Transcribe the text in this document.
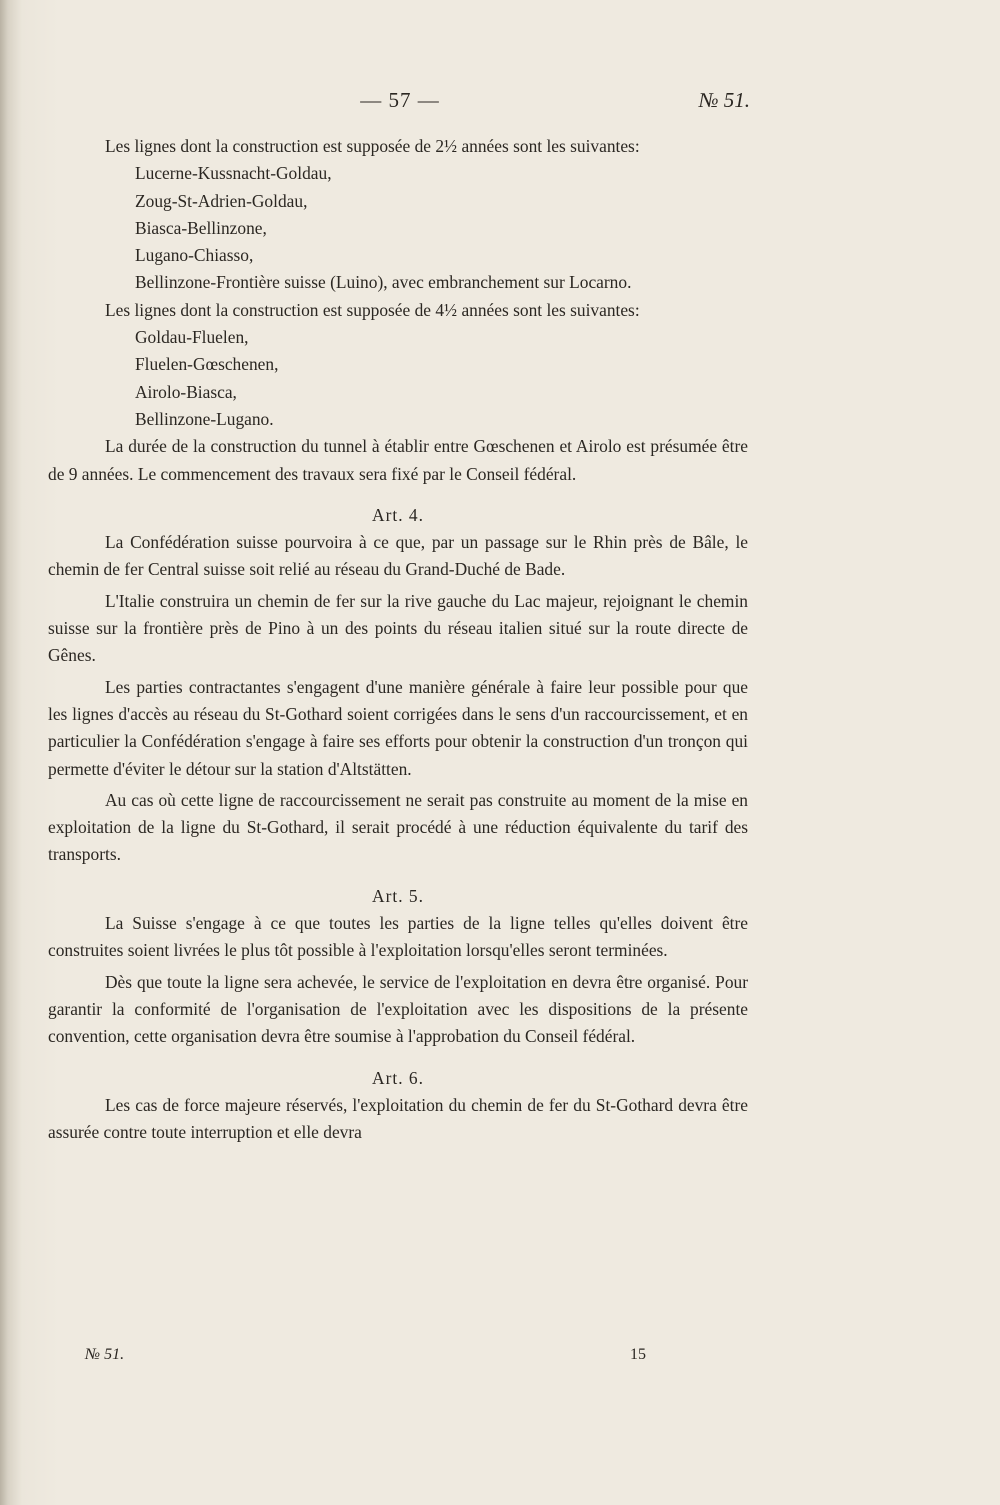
— 57 —	№ 51.

Les lignes dont la construction est supposée de 2½ années sont les suivantes:

Lucerne-Kussnacht-Goldau,
Zoug-St-Adrien-Goldau,
Biasca-Bellinzone,
Lugano-Chiasso,
Bellinzone-Frontière suisse (Luino), avec embranchement sur Locarno.

Les lignes dont la construction est supposée de 4½ années sont les suivantes:

Goldau-Fluelen,
Fluelen-Gœschenen,
Airolo-Biasca,
Bellinzone-Lugano.

La durée de la construction du tunnel à établir entre Gœschenen et Airolo est présumée être de 9 années. Le commencement des travaux sera fixé par le Conseil fédéral.

Art. 4.

La Confédération suisse pourvoira à ce que, par un passage sur le Rhin près de Bâle, le chemin de fer Central suisse soit relié au réseau du Grand-Duché de Bade.

L'Italie construira un chemin de fer sur la rive gauche du Lac majeur, rejoignant le chemin suisse sur la frontière près de Pino à un des points du réseau italien situé sur la route directe de Gênes.

Les parties contractantes s'engagent d'une manière générale à faire leur possible pour que les lignes d'accès au réseau du St-Gothard soient corrigées dans le sens d'un raccourcissement, et en particulier la Confédération s'engage à faire ses efforts pour obtenir la construction d'un tronçon qui permette d'éviter le détour sur la station d'Altstätten.

Au cas où cette ligne de raccourcissement ne serait pas construite au moment de la mise en exploitation de la ligne du St-Gothard, il serait procédé à une réduction équivalente du tarif des transports.

Art. 5.

La Suisse s'engage à ce que toutes les parties de la ligne telles qu'elles doivent être construites soient livrées le plus tôt possible à l'exploitation lorsqu'elles seront terminées.

Dès que toute la ligne sera achevée, le service de l'exploitation en devra être organisé. Pour garantir la conformité de l'organisation de l'exploitation avec les dispositions de la présente convention, cette organisation devra être soumise à l'approbation du Conseil fédéral.

Art. 6.

Les cas de force majeure réservés, l'exploitation du chemin de fer du St-Gothard devra être assurée contre toute interruption et elle devra

№ 51.	15
